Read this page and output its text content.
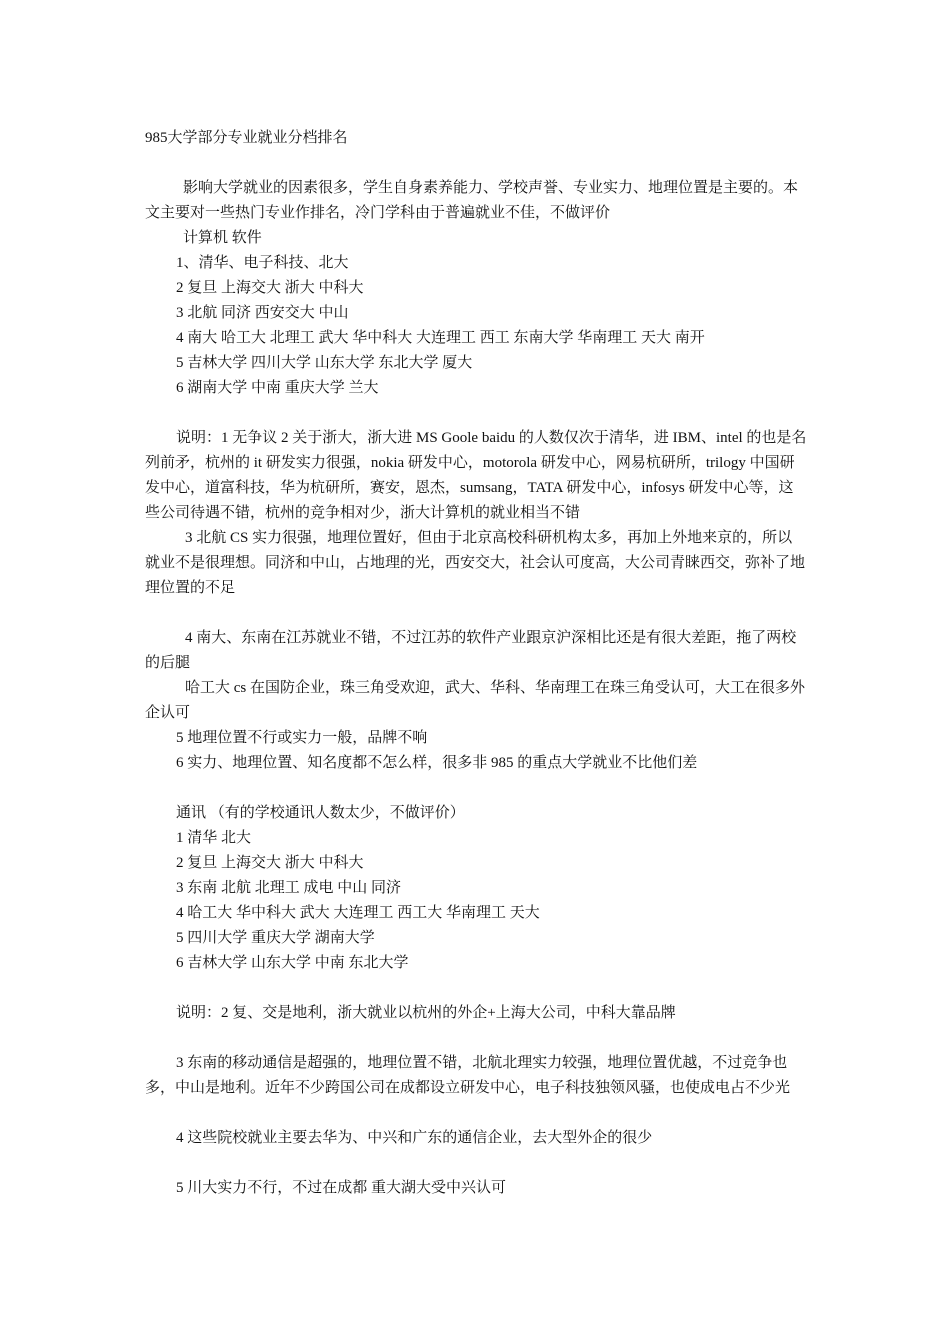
985大学部分专业就业分档排名

影响大学就业的因素很多，学生自身素养能力、学校声誉、专业实力、地理位置是主要的。本文主要对一些热门专业作排名，冷门学科由于普遍就业不佳，不做评价

计算机 软件

1、清华、电子科技、北大

2 复旦 上海交大 浙大 中科大

3 北航 同济 西安交大 中山

4 南大 哈工大 北理工 武大 华中科大 大连理工 西工 东南大学 华南理工 天大 南开

5 吉林大学 四川大学 山东大学 东北大学 厦大

6 湖南大学 中南 重庆大学 兰大

说明：1 无争议 2 关于浙大，浙大进 MS Goole baidu 的人数仅次于清华，进 IBM、intel 的也是名列前矛，杭州的 it 研发实力很强，nokia 研发中心，motorola 研发中心，网易杭研所，trilogy 中国研发中心，道富科技，华为杭研所，赛安，恩杰，sumsang，TATA 研发中心，infosys 研发中心等，这些公司待遇不错，杭州的竞争相对少，浙大计算机的就业相当不错

3 北航 CS 实力很强，地理位置好，但由于北京高校科研机构太多，再加上外地来京的，所以就业不是很理想。同济和中山，占地理的光，西安交大，社会认可度高，大公司青睐西交，弥补了地理位置的不足

4 南大、东南在江苏就业不错，不过江苏的软件产业跟京沪深相比还是有很大差距，拖了两校的后腿

哈工大 cs 在国防企业，珠三角受欢迎，武大、华科、华南理工在珠三角受认可，大工在很多外企认可

5 地理位置不行或实力一般，品牌不响

6 实力、地理位置、知名度都不怎么样，很多非 985 的重点大学就业不比他们差

通讯 （有的学校通讯人数太少，不做评价）

1 清华 北大

2 复旦 上海交大 浙大 中科大

3 东南 北航 北理工 成电 中山 同济

4 哈工大 华中科大 武大 大连理工 西工大 华南理工 天大

5 四川大学 重庆大学 湖南大学

6 吉林大学 山东大学 中南 东北大学

说明：2 复、交是地利，浙大就业以杭州的外企+上海大公司，中科大靠品牌

3 东南的移动通信是超强的，地理位置不错，北航北理实力较强，地理位置优越，不过竞争也多，中山是地利。近年不少跨国公司在成都设立研发中心，电子科技独领风骚，也使成电占不少光

4 这些院校就业主要去华为、中兴和广东的通信企业，去大型外企的很少

5 川大实力不行，不过在成都 重大湖大受中兴认可
